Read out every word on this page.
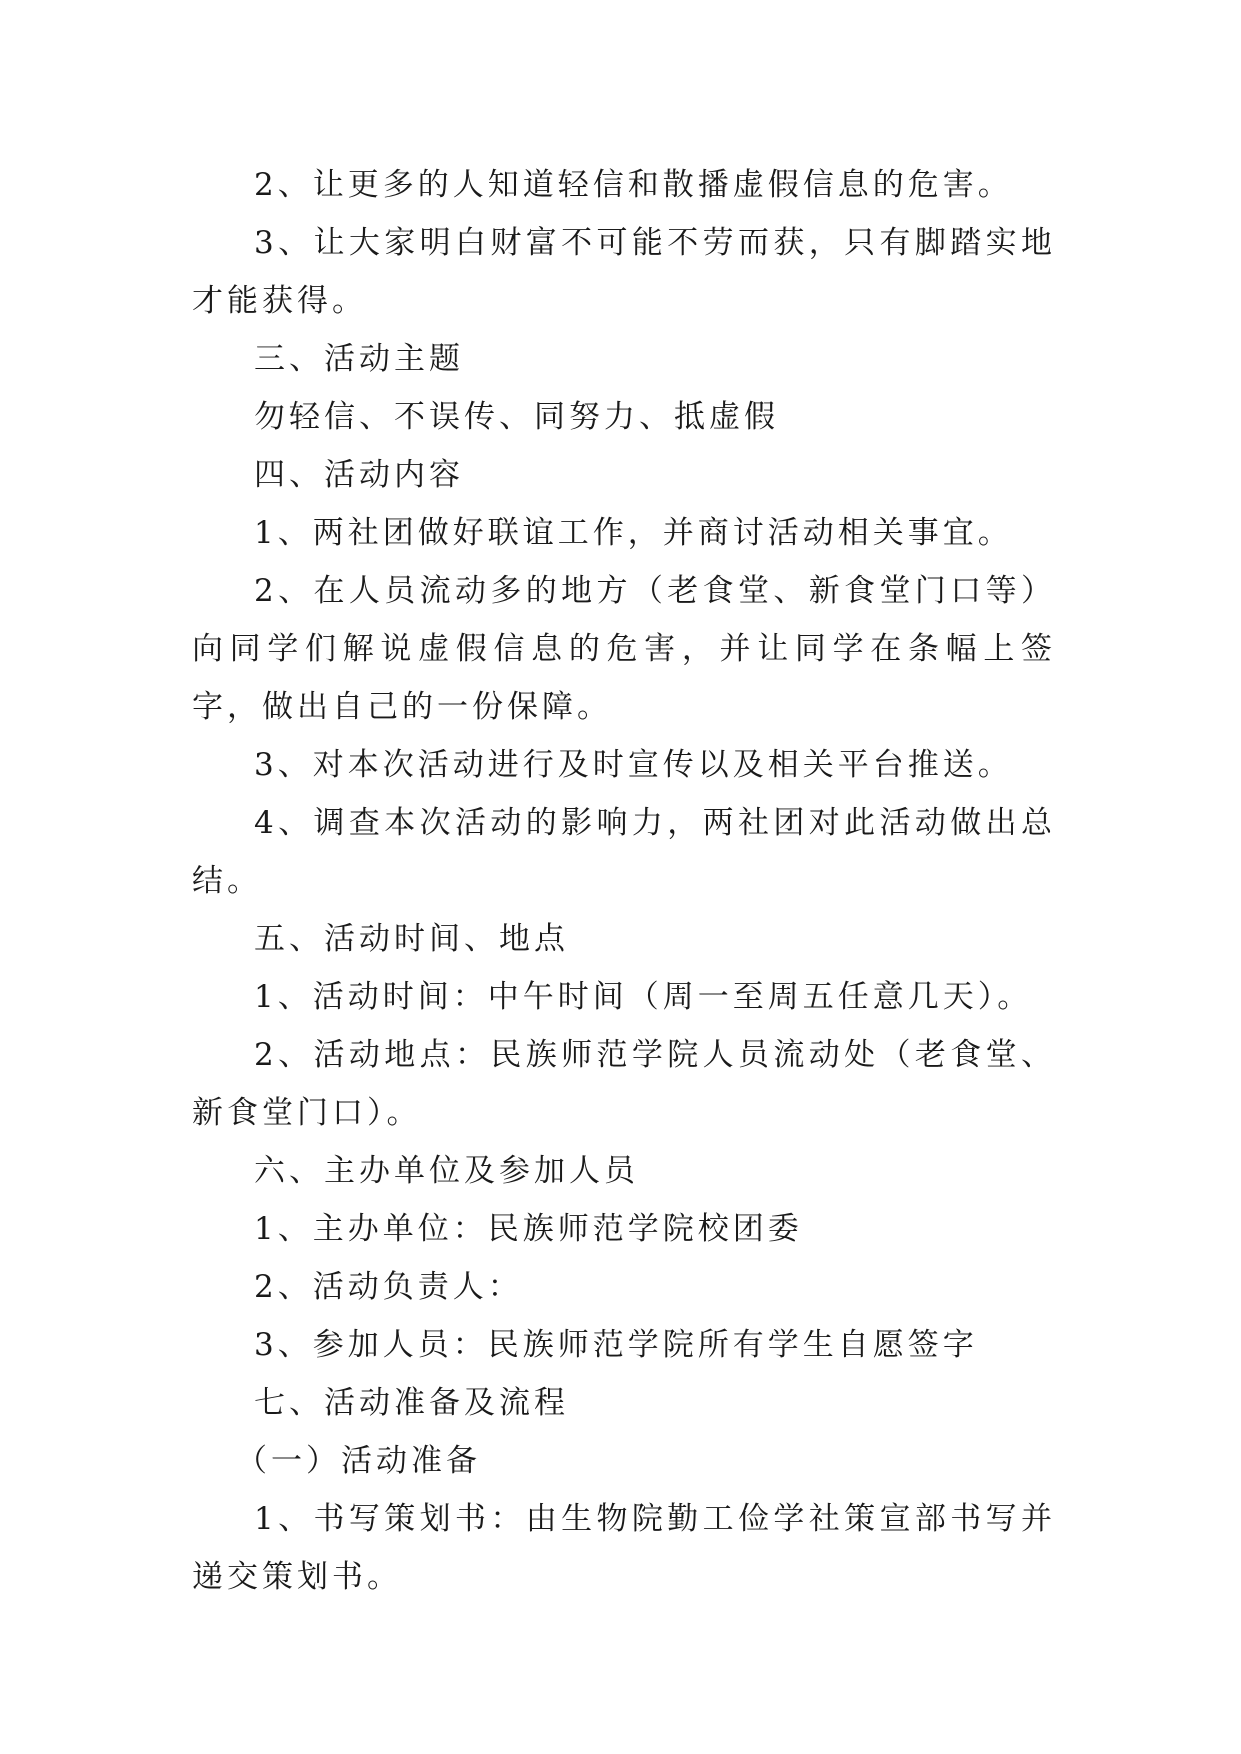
2、让更多的人知道轻信和散播虚假信息的危害。

3、让大家明白财富不可能不劳而获，只有脚踏实地才能获得。

三、活动主题

勿轻信、不误传、同努力、抵虚假

四、活动内容

1、两社团做好联谊工作，并商讨活动相关事宜。

2、在人员流动多的地方（老食堂、新食堂门口等）向同学们解说虚假信息的危害，并让同学在条幅上签字，做出自己的一份保障。

3、对本次活动进行及时宣传以及相关平台推送。

4、调查本次活动的影响力，两社团对此活动做出总结。

五、活动时间、地点

1、活动时间：中午时间（周一至周五任意几天）。

2、活动地点：民族师范学院人员流动处（老食堂、新食堂门口）。

六、主办单位及参加人员

1、主办单位：民族师范学院校团委

2、活动负责人：

3、参加人员：民族师范学院所有学生自愿签字

七、活动准备及流程

（一）活动准备

1、书写策划书：由生物院勤工俭学社策宣部书写并递交策划书。
